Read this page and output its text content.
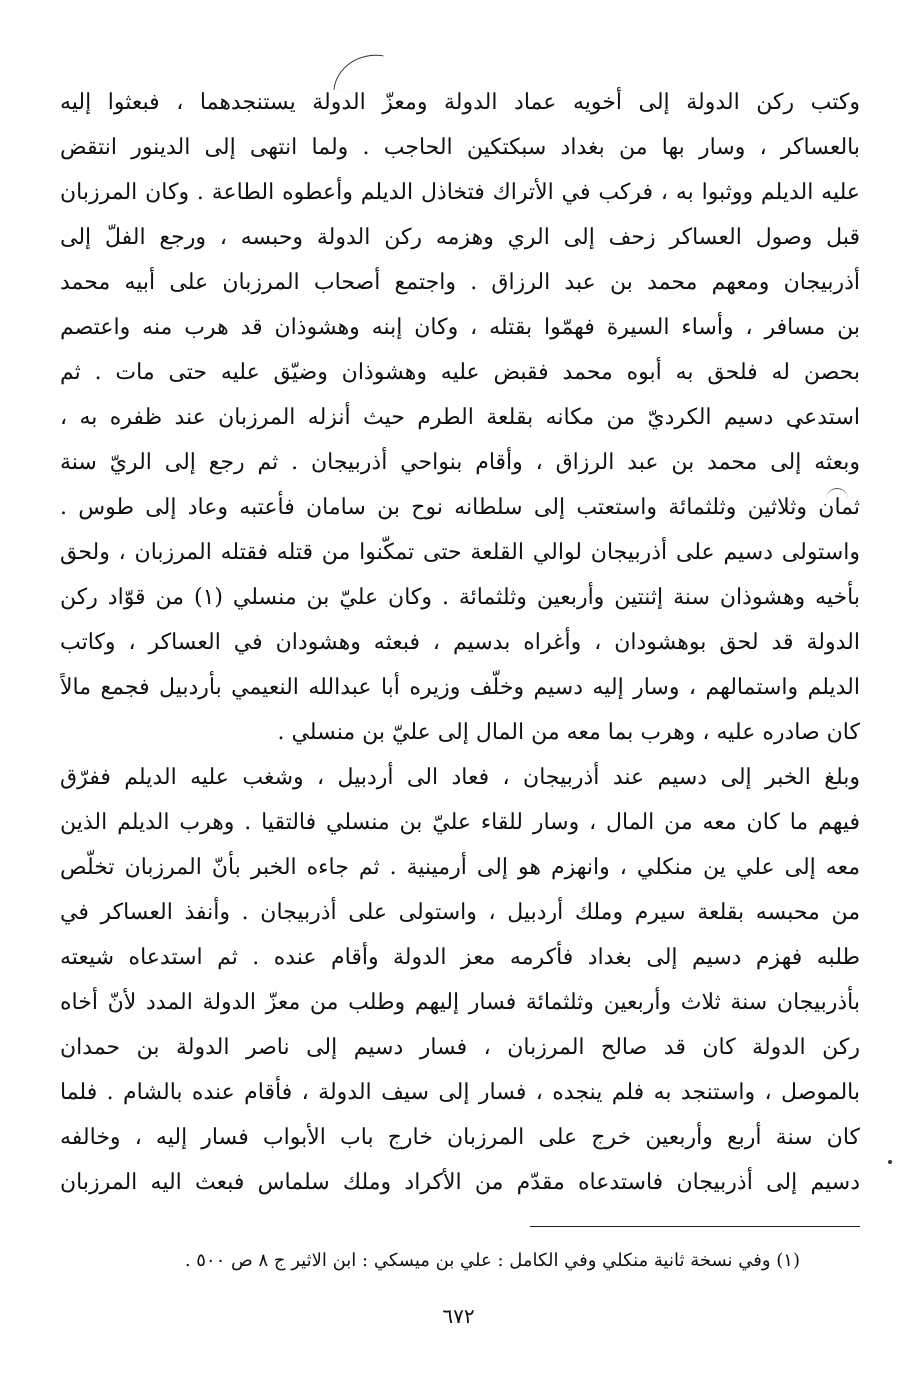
وكتب ركن الدولة إلى أخويه عماد الدولة ومعزّ الدولة يستنجدهما ، فبعثوا إليه
بالعساكر ، وسار بها من بغداد سبكتكين الحاجب . ولما انتهى إلى الدينور انتقض
عليه الديلم ووثبوا به ، فركب في الأتراك فتخاذل الديلم وأعطوه الطاعة . وكان المرزبان
قبل وصول العساكر زحف إلى الري وهزمه ركن الدولة وحبسه ، ورجع الفلّ إلى
أذربيجان ومعهم محمد بن عبد الرزاق . واجتمع أصحاب المرزبان على أبيه محمد
بن مسافر ، وأساء السيرة فهمّوا بقتله ، وكان إبنه وهشوذان قد هرب منه واعتصم
بحصن له فلحق به أبوه محمد فقبض عليه وهشوذان وضيّق عليه حتى مات . ثم
استدعى دسيم الكرديّ من مكانه بقلعة الطرم حيث أنزله المرزبان عند ظفره به ،
وبعثه إلى محمد بن عبد الرزاق ، وأقام بنواحي أذربيجان . ثم رجع إلى الريّ سنة
ثمان وثلاثين وثلثمائة واستعتب إلى سلطانه نوح بن سامان فأعتبه وعاد إلى طوس .
واستولى دسيم على أذربيجان لوالي القلعة حتى تمكّنوا من قتله فقتله المرزبان ، ولحق
بأخيه وهشوذان سنة إثنتين وأربعين وثلثمائة . وكان عليّ بن منسلي (١) من قوّاد ركن
الدولة قد لحق بوهشودان ، وأغراه بدسيم ، فبعثه وهشودان في العساكر ، وكاتب
الديلم واستمالهم ، وسار إليه دسيم وخلّف وزيره أبا عبدالله النعيمي بأردبيل فجمع مالاً
كان صادره عليه ، وهرب بما معه من المال إلى عليّ بن منسلي .
وبلغ الخبر إلى دسيم عند أذربيجان ، فعاد الى أردبيل ، وشغب عليه الديلم ففرّق
فيهم ما كان معه من المال ، وسار للقاء عليّ بن منسلي فالتقيا . وهرب الديلم الذين
معه إلى علي ين منكلي ، وانهزم هو إلى أرمينية . ثم جاءه الخبر بأنّ المرزبان تخلّص
من محبسه بقلعة سيرم وملك أردبيل ، واستولى على أذربيجان . وأنفذ العساكر في
طلبه فهزم دسيم إلى بغداد فأكرمه معز الدولة وأقام عنده . ثم استدعاه شيعته
بأذربيجان سنة ثلاث وأربعين وثلثمائة فسار إليهم وطلب من معزّ الدولة المدد لأنّ أخاه
ركن الدولة كان قد صالح المرزبان ، فسار دسيم إلى ناصر الدولة بن حمدان
بالموصل ، واستنجد به فلم ينجده ، فسار إلى سيف الدولة ، فأقام عنده بالشام . فلما
كان سنة أربع وأربعين خرج على المرزبان خارج باب الأبواب فسار إليه ، وخالفه
دسيم إلى أذربيجان فاستدعاه مقدّم من الأكراد وملك سلماس فبعث اليه المرزبان
(١) وفي نسخة ثانية منكلي وفي الكامل : علي بن ميسكي : ابن الاثير ج ٨ ص ٥٠٠ .
٦٧٢
